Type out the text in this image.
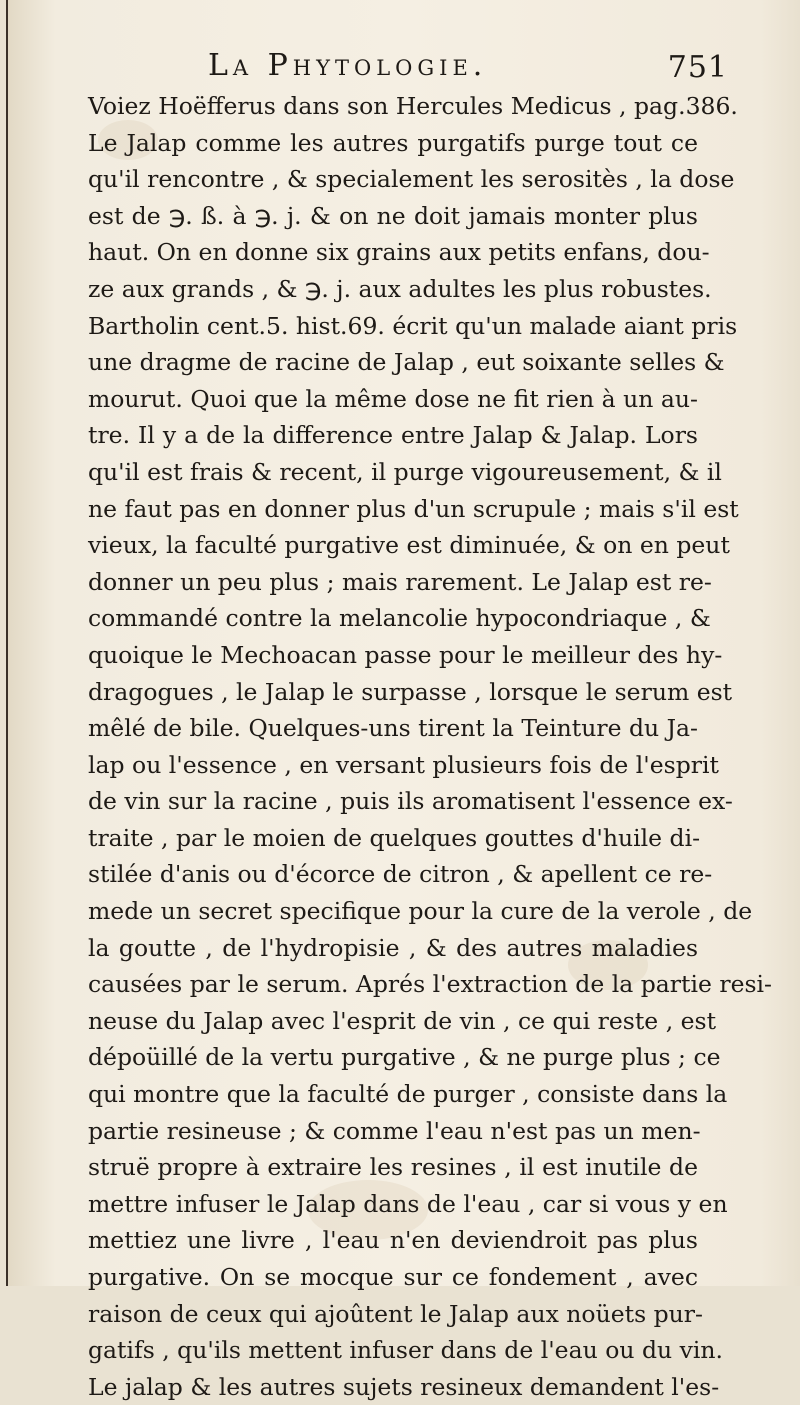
La Phytologie.	751
Voiez Hoëfferus dans son Hercules Medicus , pag.386.
Le Jalap comme les autres purgatifs purge tout ce
qu'il rencontre , & specialement les serositès , la dose
est de ℈. ß. à ℈. j. & on ne doit jamais monter plus
haut. On en donne six grains aux petits enfans, dou-
ze aux grands , & ℈. j. aux adultes les plus robustes.
Bartholin cent.5. hist.69. écrit qu'un malade aiant pris
une dragme de racine de Jalap , eut soixante selles &
mourut. Quoi que la même dose ne fit rien à un au-
tre. Il y a de la difference entre Jalap & Jalap. Lors
qu'il est frais & recent, il purge vigoureusement, & il
ne faut pas en donner plus d'un scrupule ; mais s'il est
vieux, la faculté purgative est diminuée, & on en peut
donner un peu plus ; mais rarement. Le Jalap est re-
commandé contre la melancolie hypocondriaque , &
quoique le Mechoacan passe pour le meilleur des hy-
dragogues , le Jalap le surpasse , lorsque le serum est
mêlé de bile. Quelques-uns tirent la Teinture du Ja-
lap ou l'essence , en versant plusieurs fois de l'esprit
de vin sur la racine , puis ils aromatisent l'essence ex-
traite , par le moien de quelques gouttes d'huile di-
stilée d'anis ou d'écorce de citron , & apellent ce re-
mede un secret specifique pour la cure de la verole , de
la goutte , de l'hydropisie , & des autres maladies
causées par le serum. Aprés l'extraction de la partie resi-
neuse du Jalap avec l'esprit de vin , ce qui reste , est
dépoüillé de la vertu purgative , & ne purge plus ; ce
qui montre que la faculté de purger , consiste dans la
partie resineuse ; & comme l'eau n'est pas un men-
struë propre à extraire les resines , il est inutile de
mettre infuser le Jalap dans de l'eau , car si vous y en
mettiez une livre , l'eau n'en deviendroit pas plus
purgative. On se mocque sur ce fondement , avec
raison de ceux qui ajoûtent le Jalap aux noüets pur-
gatifs , qu'ils mettent infuser dans de l'eau ou du vin.
Le jalap & les autres sujets resineux demandent l'es-
